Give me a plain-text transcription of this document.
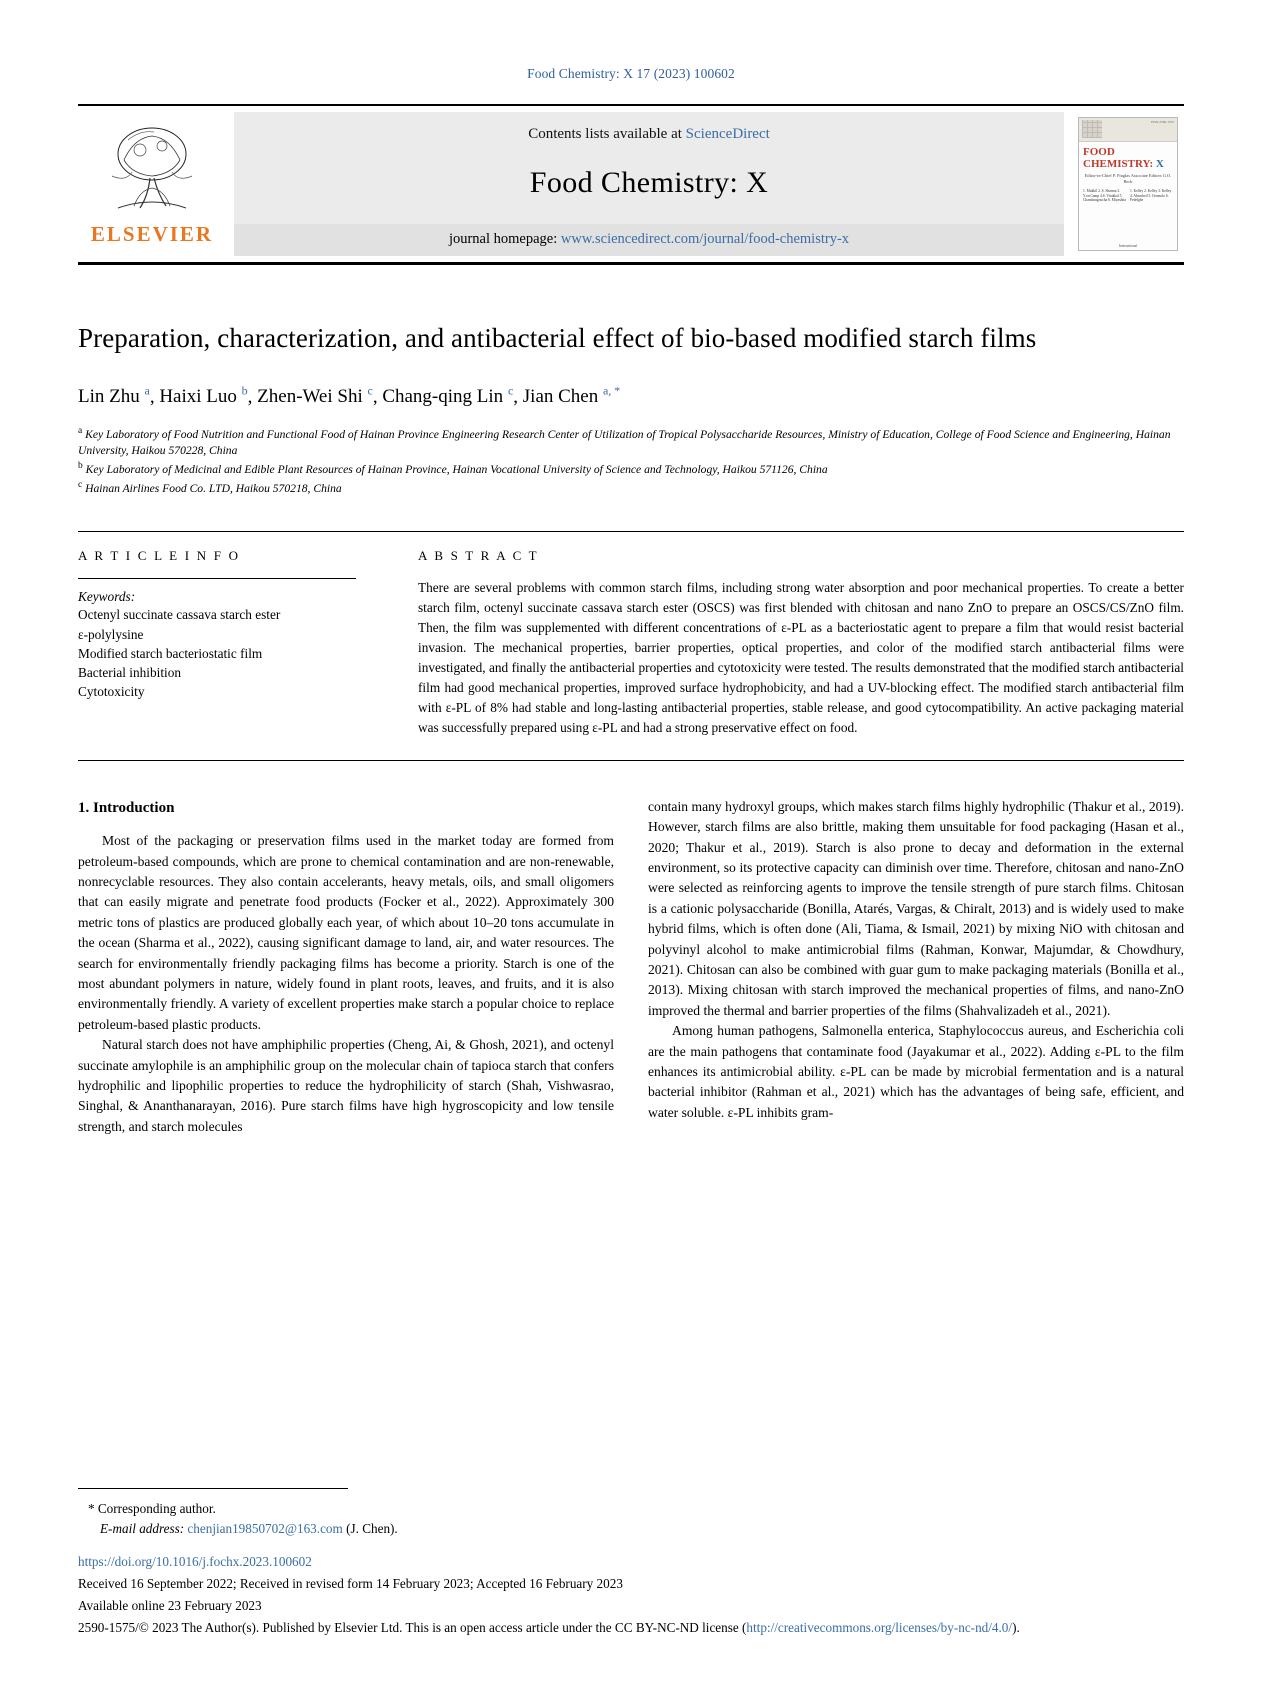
Food Chemistry: X 17 (2023) 100602
ELSEVIER
Contents lists available at ScienceDirect
Food Chemistry: X
journal homepage: www.sciencedirect.com/journal/food-chemistry-x
ISSN 2590-1575
FOOD CHEMISTRY: X
Editor-in-Chief P. Finglas Associate Editors G.O. Beck
1. Mukhil 2. S. Sharma 3. Y.on Camp 4.S. Virakkal 5. Chandaragoucha 6. Miyashita
1. Kelley 2. Kelley 3. Kelley 4. Abrashvil 5. Oromolo 6. Fedelghe
International
Preparation, characterization, and antibacterial effect of bio-based modified starch films
Lin Zhu $^a$, Haixi Luo $^b$, Zhen-Wei Shi $^c$, Chang-qing Lin $^c$, Jian Chen $^{a, *}$
$^a$ Key Laboratory of Food Nutrition and Functional Food of Hainan Province Engineering Research Center of Utilization of Tropical Polysaccharide Resources, Ministry of Education, College of Food Science and Engineering, Hainan University, Haikou 570228, China
$^b$ Key Laboratory of Medicinal and Edible Plant Resources of Hainan Province, Hainan Vocational University of Science and Technology, Haikou 571126, China
$^c$ Hainan Airlines Food Co. LTD, Haikou 570218, China
A R T I C L E I N F O
Keywords:
Octenyl succinate cassava starch ester
ε-polylysine
Modified starch bacteriostatic film
Bacterial inhibition
Cytotoxicity
A B S T R A C T
There are several problems with common starch films, including strong water absorption and poor mechanical properties. To create a better starch film, octenyl succinate cassava starch ester (OSCS) was first blended with chitosan and nano ZnO to prepare an OSCS/CS/ZnO film. Then, the film was supplemented with different concentrations of ε-PL as a bacteriostatic agent to prepare a film that would resist bacterial invasion. The mechanical properties, barrier properties, optical properties, and color of the modified starch antibacterial films were investigated, and finally the antibacterial properties and cytotoxicity were tested. The results demonstrated that the modified starch antibacterial film had good mechanical properties, improved surface hydrophobicity, and had a UV-blocking effect. The modified starch antibacterial film with ε-PL of 8% had stable and long-lasting antibacterial properties, stable release, and good cytocompatibility. An active packaging material was successfully prepared using ε-PL and had a strong preservative effect on food.
1. Introduction

Most of the packaging or preservation films used in the market today are formed from petroleum-based compounds, which are prone to chemical contamination and are non-renewable, nonrecyclable resources. They also contain accelerants, heavy metals, oils, and small oligomers that can easily migrate and penetrate food products (Focker et al., 2022). Approximately 300 metric tons of plastics are produced globally each year, of which about 10–20 tons accumulate in the ocean (Sharma et al., 2022), causing significant damage to land, air, and water resources. The search for environmentally friendly packaging films has become a priority. Starch is one of the most abundant polymers in nature, widely found in plant roots, leaves, and fruits, and it is also environmentally friendly. A variety of excellent properties make starch a popular choice to replace petroleum-based plastic products.

Natural starch does not have amphiphilic properties (Cheng, Ai, & Ghosh, 2021), and octenyl succinate amylophile is an amphiphilic group on the molecular chain of tapioca starch that confers hydrophilic and lipophilic properties to reduce the hydrophilicity of starch (Shah, Vishwasrao, Singhal, & Ananthanarayan, 2016). Pure starch films have high hygroscopicity and low tensile strength, and starch molecules

contain many hydroxyl groups, which makes starch films highly hydrophilic (Thakur et al., 2019). However, starch films are also brittle, making them unsuitable for food packaging (Hasan et al., 2020; Thakur et al., 2019). Starch is also prone to decay and deformation in the external environment, so its protective capacity can diminish over time. Therefore, chitosan and nano-ZnO were selected as reinforcing agents to improve the tensile strength of pure starch films. Chitosan is a cationic polysaccharide (Bonilla, Atarés, Vargas, & Chiralt, 2013) and is widely used to make hybrid films, which is often done (Ali, Tiama, & Ismail, 2021) by mixing NiO with chitosan and polyvinyl alcohol to make antimicrobial films (Rahman, Konwar, Majumdar, & Chowdhury, 2021). Chitosan can also be combined with guar gum to make packaging materials (Bonilla et al., 2013). Mixing chitosan with starch improved the mechanical properties of films, and nano-ZnO improved the thermal and barrier properties of the films (Shahvalizadeh et al., 2021).

Among human pathogens, Salmonella enterica, Staphylococcus aureus, and Escherichia coli are the main pathogens that contaminate food (Jayakumar et al., 2022). Adding ε-PL to the film enhances its antimicrobial ability. ε-PL can be made by microbial fermentation and is a natural bacterial inhibitor (Rahman et al., 2021) which has the advantages of being safe, efficient, and water soluble. ε-PL inhibits gram-

* Corresponding author.
E-mail address: chenjian19850702@163.com (J. Chen).
https://doi.org/10.1016/j.fochx.2023.100602
Received 16 September 2022; Received in revised form 14 February 2023; Accepted 16 February 2023
Available online 23 February 2023
2590-1575/© 2023 The Author(s). Published by Elsevier Ltd. This is an open access article under the CC BY-NC-ND license (http://creativecommons.org/licenses/by-nc-nd/4.0/).
